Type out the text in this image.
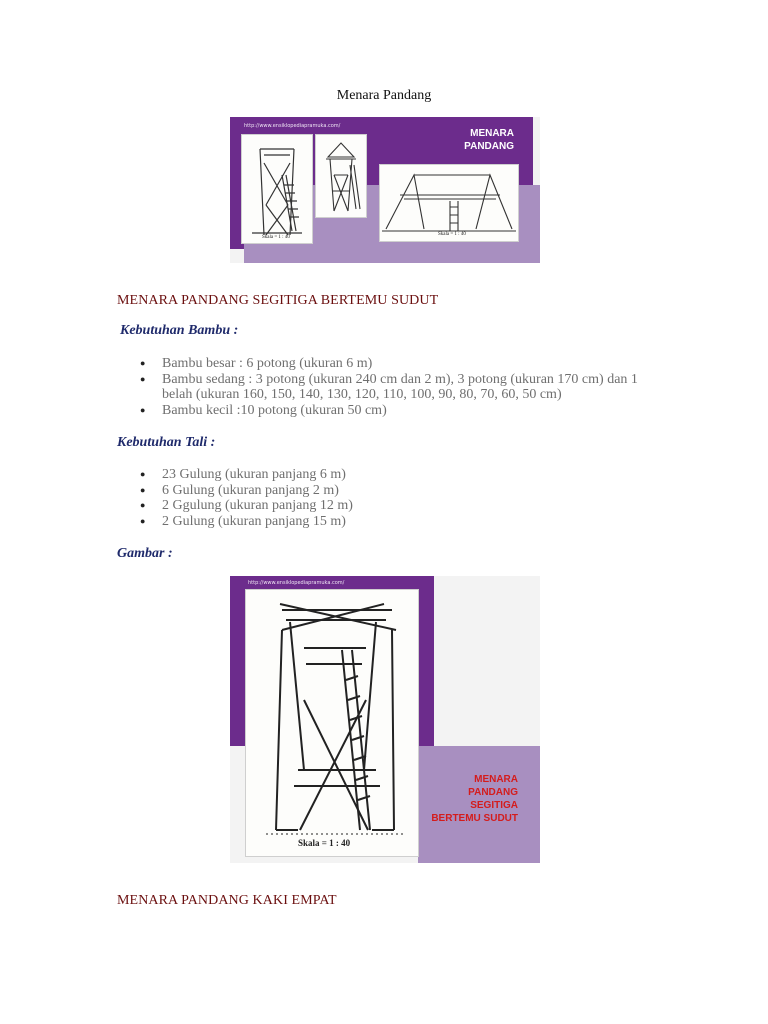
Menara Pandang
http://www.ensiklopediapramuka.com/
MENARA
PANDANG
Skala = 1 : 40
Skala = 1 : 40
MENARA PANDANG SEGITIGA BERTEMU SUDUT
Kebutuhan Bambu :
● Bambu besar : 6 potong (ukuran 6 m)
● Bambu sedang : 3 potong (ukuran 240 cm dan 2 m), 3 potong (ukuran 170 cm) dan 1 belah (ukuran 160, 150, 140, 130, 120, 110, 100, 90, 80, 70, 60, 50 cm)
● Bambu kecil :10 potong (ukuran 50 cm)
Kebutuhan Tali :
● 23 Gulung (ukuran panjang 6 m)
● 6 Gulung (ukuran panjang 2 m)
● 2 Ggulung (ukuran panjang 12 m)
● 2 Gulung (ukuran panjang 15 m)
Gambar :
http://www.ensiklopediapramuka.com/
MENARA
PANDANG
SEGITIGA
BERTEMU SUDUT
Skala = 1 : 40
MENARA PANDANG KAKI EMPAT
